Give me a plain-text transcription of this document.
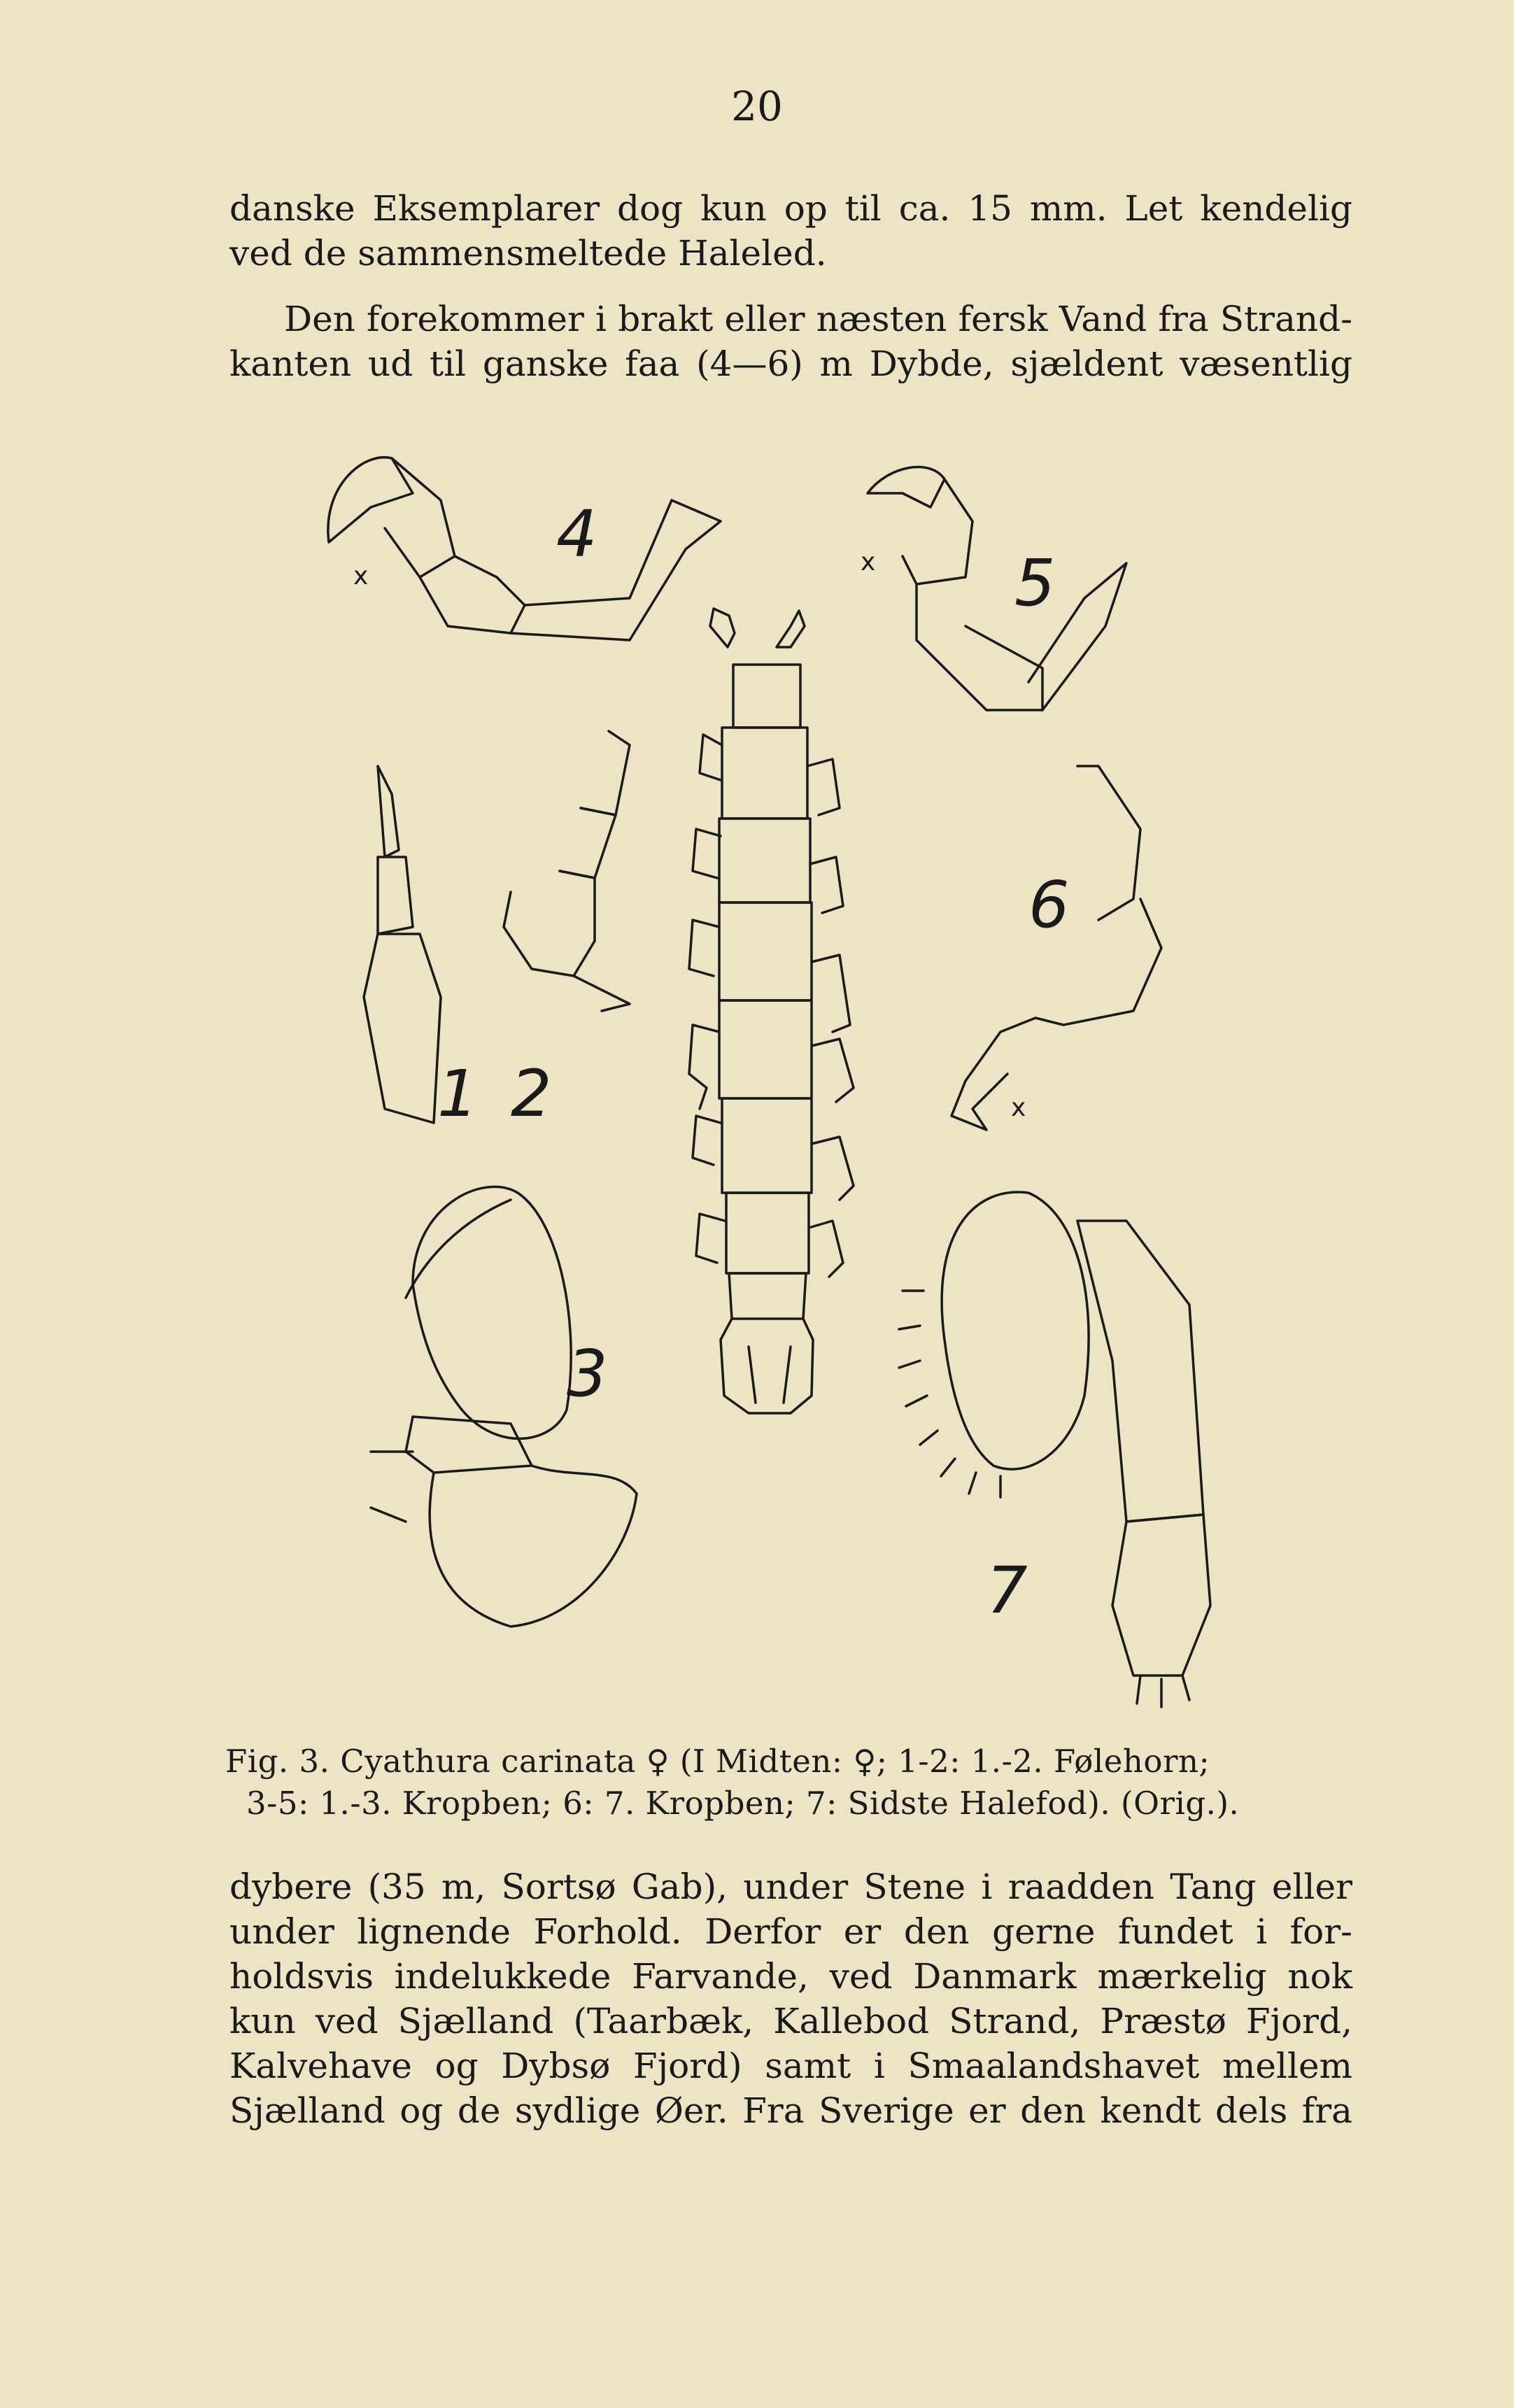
20

danske Eksemplarer dog kun op til ca. 15 mm. Let kendelig
ved de sammensmeltede Haleled.

Den forekommer i brakt eller næsten fersk Vand fra Strand-
kanten ud til ganske faa (4—6) m Dybde, sjældent væsentlig

4
5
6
1 2
3
7
x	x
x

Fig. 3. Cyathura carinata ♀ (I Midten: ♀; 1-2: 1.-2. Følehorn;
3-5: 1.-3. Kropben; 6: 7. Kropben; 7: Sidste Halefod). (Orig.).

dybere (35 m, Sortsø Gab), under Stene i raadden Tang eller
under lignende Forhold. Derfor er den gerne fundet i for-
holdsvis indelukkede Farvande, ved Danmark mærkelig nok
kun ved Sjælland (Taarbæk, Kallebod Strand, Præstø Fjord,
Kalvehave og Dybsø Fjord) samt i Smaalandshavet mellem
Sjælland og de sydlige Øer. Fra Sverige er den kendt dels fra
